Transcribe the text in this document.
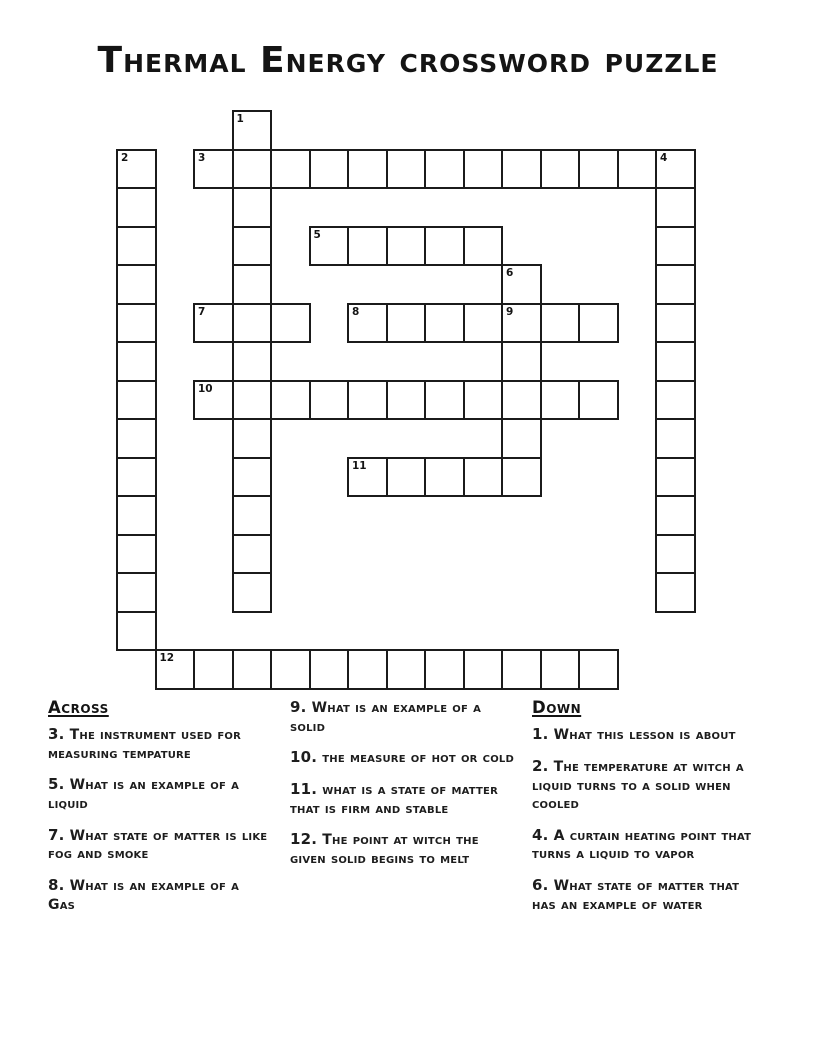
Thermal Energy crossword puzzle
1
2	3	4
5
6
9
7	8
10
11
12
Across

3. The instrument used for measuring tempature

5. What is an example of a liquid

7. What state of matter is like fog and smoke

8. What is an example of a Gas

9. What is an example of a solid

10. the measure of hot or cold

11. what is a state of matter that is firm and stable

12. The point at witch the given solid begins to melt

Down

1. What this lesson is about

2. The temperature at witch a liquid turns to a solid when cooled

4. A curtain heating point that turns a liquid to vapor

6. What state of matter that has an example of water
